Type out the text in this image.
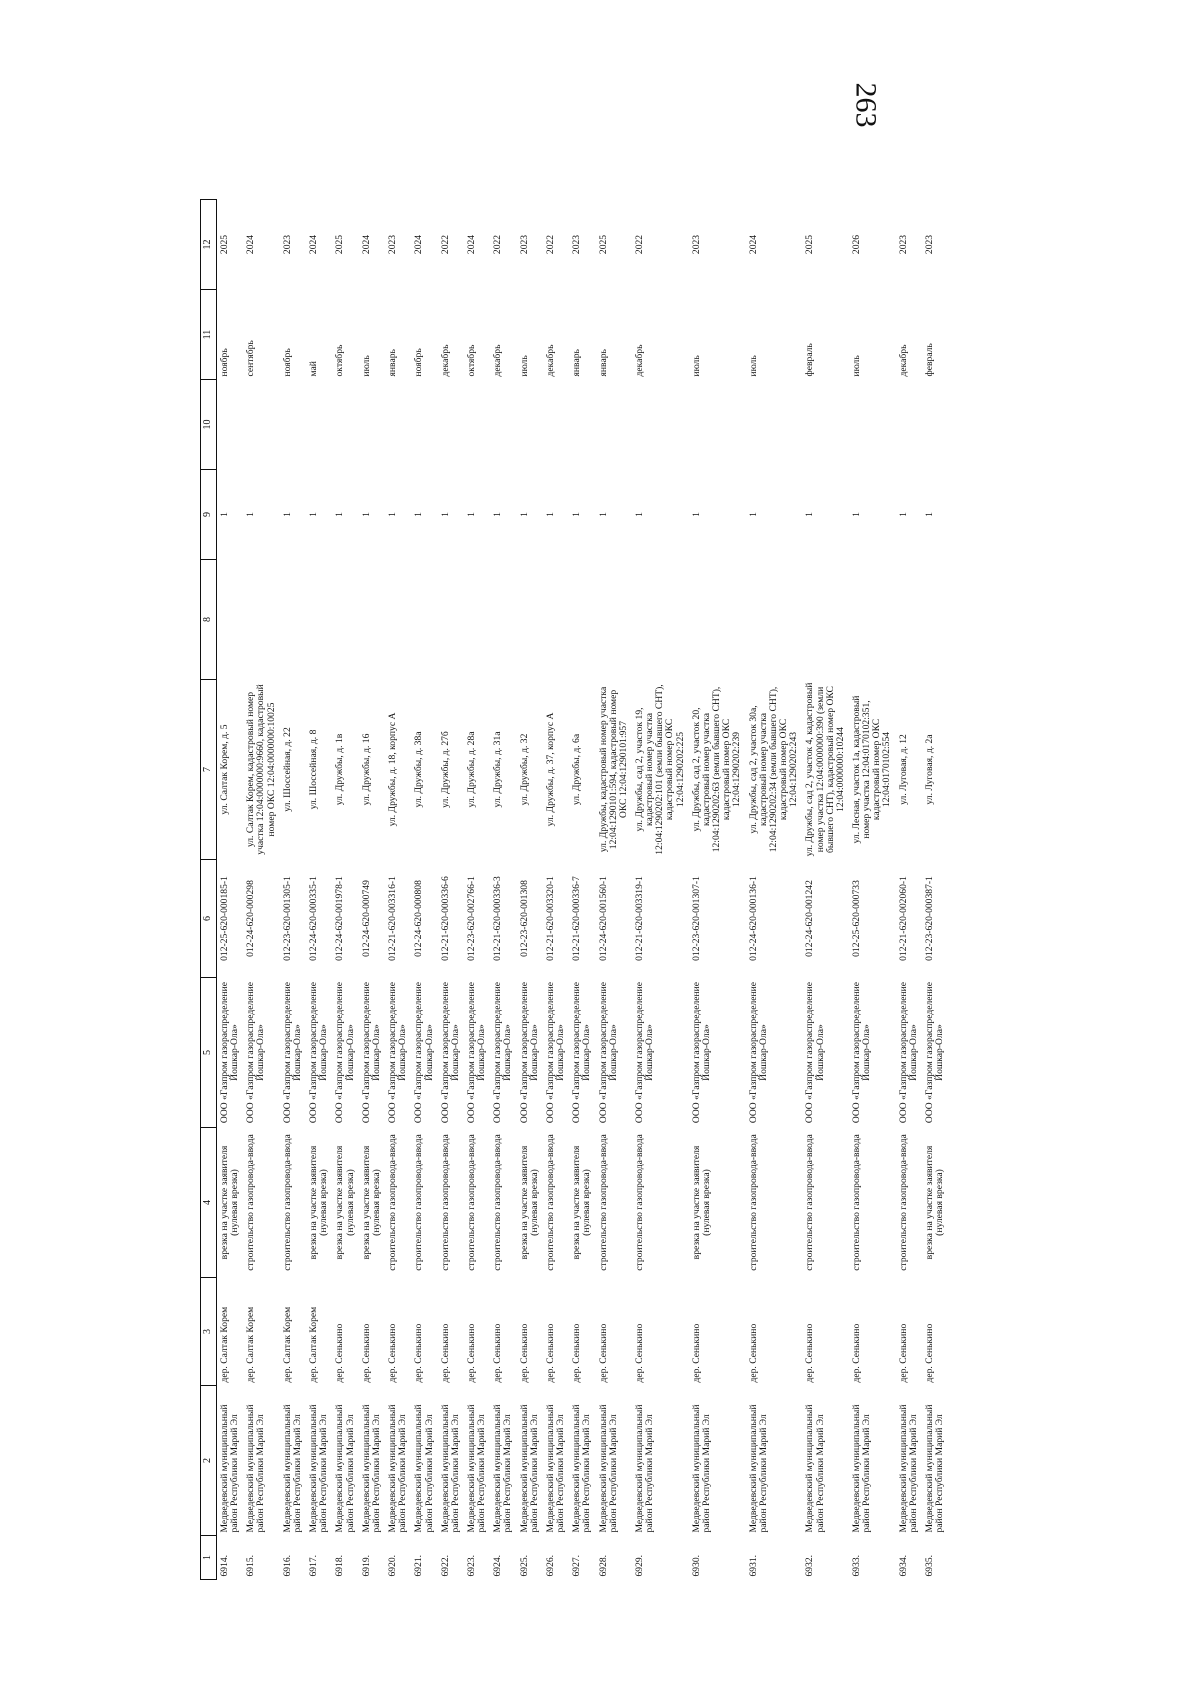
263
1	2	3	4	5	6	7	8	9	10	11	12
6914.	Медведевский муниципальный район Республики Марий Эл	дер. Салтак Корем	врезка на участке заявителя (нулевая врезка)	ООО «Газпром газораспределение Йошкар-Ола»	012-25-620-000185-1	ул. Салтак Корем, д. 5		1		ноябрь	2025
6915.	Медведевский муниципальный район Республики Марий Эл	дер. Салтак Корем	строительство газопровода-ввода	ООО «Газпром газораспределение Йошкар-Ола»	012-24-620-000298	ул. Салтак Корем, кадастровый номер участка 12:04:0000000:9660, кадастровый номер ОКС 12:04:0000000:10025		1		сентябрь	2024
6916.	Медведевский муниципальный район Республики Марий Эл	дер. Салтак Корем	строительство газопровода-ввода	ООО «Газпром газораспределение Йошкар-Ола»	012-23-620-001305-1	ул. Шоссейная, д. 22		1		ноябрь	2023
6917.	Медведевский муниципальный район Республики Марий Эл	дер. Салтак Корем	врезка на участке заявителя (нулевая врезка)	ООО «Газпром газораспределение Йошкар-Ола»	012-24-620-000335-1	ул. Шоссейная, д. 8		1		май	2024
6918.	Медведевский муниципальный район Республики Марий Эл	дер. Сенькино	врезка на участке заявителя (нулевая врезка)	ООО «Газпром газораспределение Йошкар-Ола»	012-24-620-001978-1	ул. Дружбы, д. 1в		1		октябрь	2025
6919.	Медведевский муниципальный район Республики Марий Эл	дер. Сенькино	врезка на участке заявителя (нулевая врезка)	ООО «Газпром газораспределение Йошкар-Ола»	012-24-620-000749	ул. Дружбы, д. 16		1		июль	2024
6920.	Медведевский муниципальный район Республики Марий Эл	дер. Сенькино	строительство газопровода-ввода	ООО «Газпром газораспределение Йошкар-Ола»	012-21-620-003316-1	ул. Дружбы, д. 18, корпус А		1		январь	2023
6921.	Медведевский муниципальный район Республики Марий Эл	дер. Сенькино	строительство газопровода-ввода	ООО «Газпром газораспределение Йошкар-Ола»	012-24-620-000808	ул. Дружбы, д. 38а		1		ноябрь	2024
6922.	Медведевский муниципальный район Республики Марий Эл	дер. Сенькино	строительство газопровода-ввода	ООО «Газпром газораспределение Йошкар-Ола»	012-21-620-000336-6	ул. Дружбы, д. 27б		1		декабрь	2022
6923.	Медведевский муниципальный район Республики Марий Эл	дер. Сенькино	строительство газопровода-ввода	ООО «Газпром газораспределение Йошкар-Ола»	012-23-620-002766-1	ул. Дружбы, д. 28а		1		октябрь	2024
6924.	Медведевский муниципальный район Республики Марий Эл	дер. Сенькино	строительство газопровода-ввода	ООО «Газпром газораспределение Йошкар-Ола»	012-21-620-000336-3	ул. Дружбы, д. 31а		1		декабрь	2022
6925.	Медведевский муниципальный район Республики Марий Эл	дер. Сенькино	врезка на участке заявителя (нулевая врезка)	ООО «Газпром газораспределение Йошкар-Ола»	012-23-620-001308	ул. Дружбы, д. 32		1		июль	2023
6926.	Медведевский муниципальный район Республики Марий Эл	дер. Сенькино	строительство газопровода-ввода	ООО «Газпром газораспределение Йошкар-Ола»	012-21-620-003320-1	ул. Дружбы, д. 37, корпус А		1		декабрь	2022
6927.	Медведевский муниципальный район Республики Марий Эл	дер. Сенькино	врезка на участке заявителя (нулевая врезка)	ООО «Газпром газораспределение Йошкар-Ола»	012-21-620-000336-7	ул. Дружбы, д. 6а		1		январь	2023
6928.	Медведевский муниципальный район Республики Марий Эл	дер. Сенькино	строительство газопровода-ввода	ООО «Газпром газораспределение Йошкар-Ола»	012-24-620-001560-1	ул. Дружбы, кадастровый номер участка 12:04:1290101:594, кадастровый номер ОКС 12:04:1290101:957		1		январь	2025
6929.	Медведевский муниципальный район Республики Марий Эл	дер. Сенькино	строительство газопровода-ввода	ООО «Газпром газораспределение Йошкар-Ола»	012-21-620-003319-1	ул. Дружбы, сад 2, участок 19, кадастровый номер участка 12:04:1290202:101 (земли бывшего СНТ), кадастровый номер ОКС 12:04:1290202:225		1		декабрь	2022
6930.	Медведевский муниципальный район Республики Марий Эл	дер. Сенькино	врезка на участке заявителя (нулевая врезка)	ООО «Газпром газораспределение Йошкар-Ола»	012-23-620-001307-1	ул. Дружбы, сад 2, участок 20, кадастровый номер участка 12:04:1290202:63 (земли бывшего СНТ), кадастровый номер ОКС 12:04:1290202:239		1		июль	2023
6931.	Медведевский муниципальный район Республики Марий Эл	дер. Сенькино	строительство газопровода-ввода	ООО «Газпром газораспределение Йошкар-Ола»	012-24-620-000136-1	ул. Дружбы, сад 2, участок 30а, кадастровый номер участка 12:04:1290202:34 (земли бывшего СНТ), кадастровый номер ОКС 12:04:1290202:243		1		июль	2024
6932.	Медведевский муниципальный район Республики Марий Эл	дер. Сенькино	строительство газопровода-ввода	ООО «Газпром газораспределение Йошкар-Ола»	012-24-620-001242	ул. Дружбы, сад 2, участок 4, кадастровый номер участка 12:04:0000000:390 (земли бывшего СНТ), кадастровый номер ОКС 12:04:0000000:10244		1		февраль	2025
6933.	Медведевский муниципальный район Республики Марий Эл	дер. Сенькино	строительство газопровода-ввода	ООО «Газпром газораспределение Йошкар-Ола»	012-25-620-000733	ул. Лесная, участок 1а, кадастровый номер участка 12:04:0170102:351, кадастровый номер ОКС 12:04:0170102:554		1		июль	2026
6934.	Медведевский муниципальный район Республики Марий Эл	дер. Сенькино	строительство газопровода-ввода	ООО «Газпром газораспределение Йошкар-Ола»	012-21-620-002060-1	ул. Луговая, д. 12		1		декабрь	2023
6935.	Медведевский муниципальный район Республики Марий Эл	дер. Сенькино	врезка на участке заявителя (нулевая врезка)	ООО «Газпром газораспределение Йошкар-Ола»	012-23-620-000387-1	ул. Луговая, д. 2а		1		февраль	2023
